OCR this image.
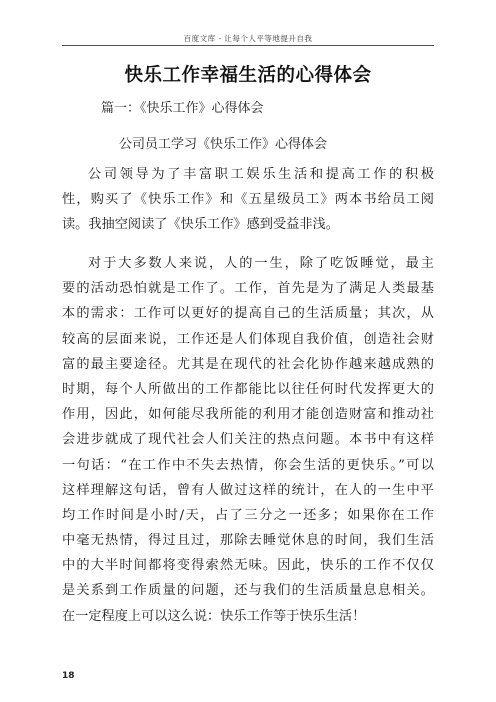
百度文库 - 让每个人平等地提升自我
快乐工作幸福生活的心得体会
篇一：《快乐工作》心得体会
公司员工学习《快乐工作》心得体会
公司领导为了丰富职工娱乐生活和提高工作的积极
性，购买了《快乐工作》和《五星级员工》两本书给员工阅
读。我抽空阅读了《快乐工作》感到受益非浅。
对于大多数人来说，人的一生，除了吃饭睡觉，最主
要的活动恐怕就是工作了。工作，首先是为了满足人类最基
本的需求：工作可以更好的提高自己的生活质量；其次，从
较高的层面来说，工作还是人们体现自我价值，创造社会财
富的最主要途径。尤其是在现代的社会化协作越来越成熟的
时期，每个人所做出的工作都能比以往任何时代发挥更大的
作用，因此，如何能尽我所能的利用才能创造财富和推动社
会进步就成了现代社会人们关注的热点问题。本书中有这样
一句话：“在工作中不失去热情，你会生活的更快乐。”可以
这样理解这句话，曾有人做过这样的统计，在人的一生中平
均工作时间是小时/天，占了三分之一还多；如果你在工作
中毫无热情，得过且过，那除去睡觉休息的时间，我们生活
中的大半时间都将变得索然无味。因此，快乐的工作不仅仅
是关系到工作质量的问题，还与我们的生活质量息息相关。
在一定程度上可以这么说：快乐工作等于快乐生活！
18
